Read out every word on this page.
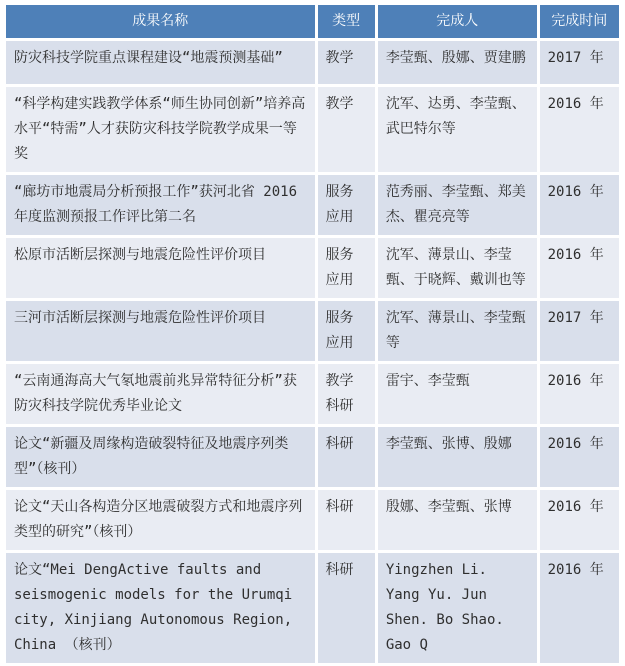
成果名称	类型	完成人	完成时间
防灾科技学院重点课程建设“地震预测基础”	教学	李莹甄、殷娜、贾建鹏	2017 年
“科学构建实践教学体系“师生协同创新”培养高水平“特需”人才获防灾科技学院教学成果一等奖	教学	沈军、达勇、李莹甄、武巴特尔等	2016 年
“廊坊市地震局分析预报工作”获河北省 2016 年度监测预报工作评比第二名	服务应用	范秀丽、李莹甄、郑美杰、瞿亮亮等	2016 年
松原市活断层探测与地震危险性评价项目	服务应用	沈军、薄景山、李莹甄、于晓辉、戴训也等	2016 年
三河市活断层探测与地震危险性评价项目	服务应用	沈军、薄景山、李莹甄等	2017 年
“云南通海高大气氡地震前兆异常特征分析”获防灾科技学院优秀毕业论文	教学科研	雷宇、李莹甄	2016 年
论文“新疆及周缘构造破裂特征及地震序列类型”（核刊）	科研	李莹甄、张博、殷娜	2016 年
论文“天山各构造分区地震破裂方式和地震序列类型的研究”（核刊）	科研	殷娜、李莹甄、张博	2016 年
论文“Mei DengActive faults and seismogenic models for the Urumqi city, Xinjiang Autonomous Region, China （核刊）	科研	Yingzhen Li. Yang Yu. Jun Shen. Bo Shao. Gao Q	2016 年
